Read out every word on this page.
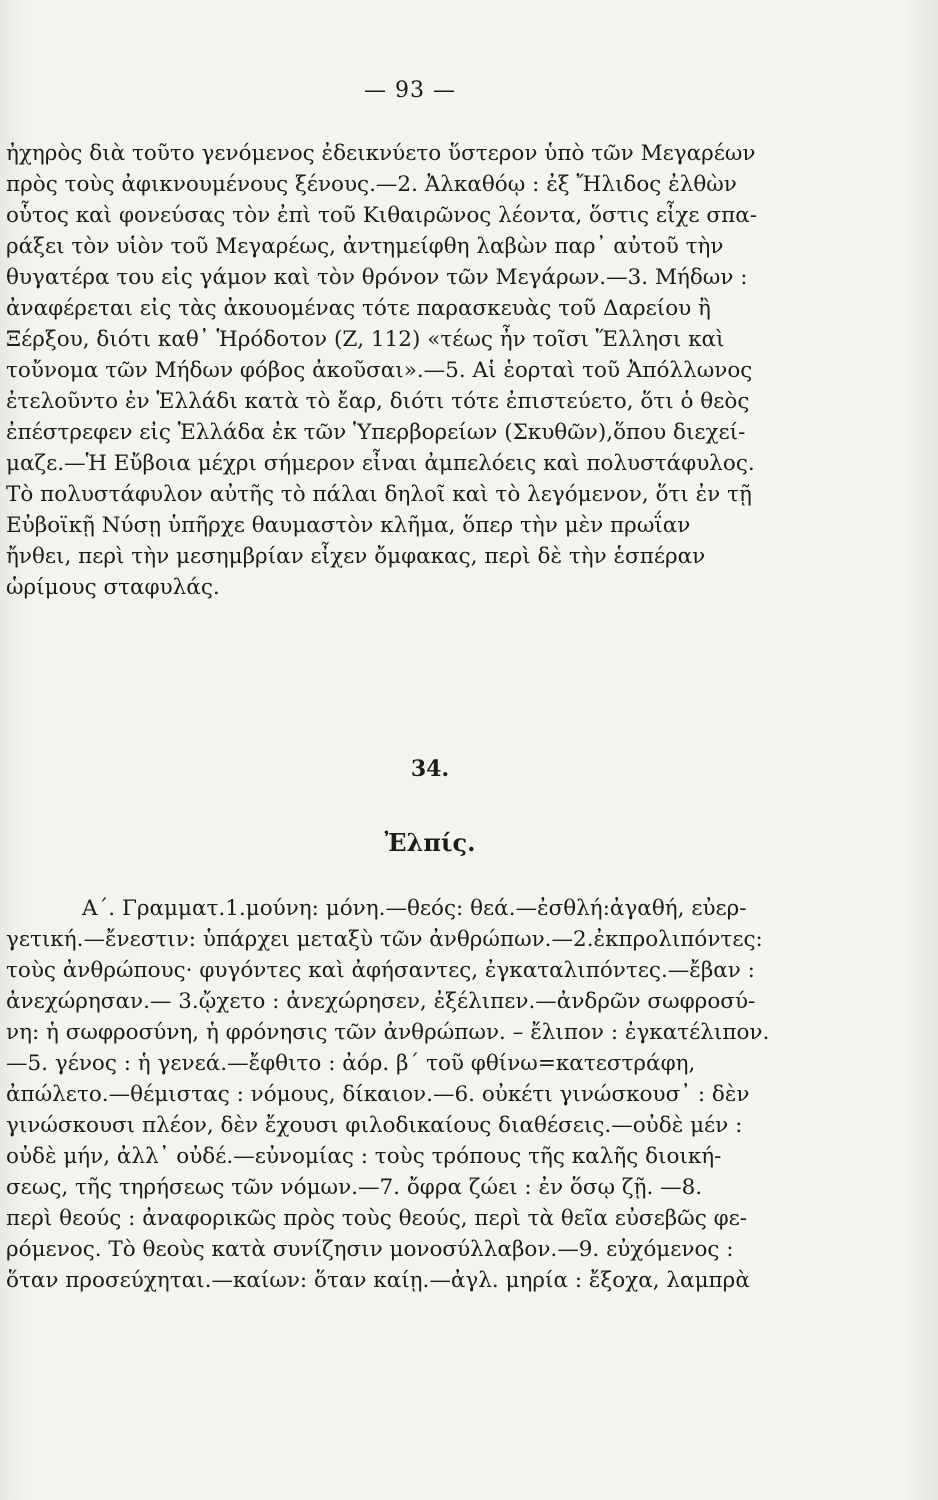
— 93 —
ἠχηρὸς διὰ τοῦτο γενόμενος ἐδεικνύετο ὕστερον ὑπὸ τῶν Μεγαρέων
πρὸς τοὺς ἀφικνουμένους ξένους.—2. Ἀλκαθόῳ : ἐξ Ἤλιδος ἐλθὼν
οὗτος καὶ φονεύσας τὸν ἐπὶ τοῦ Κιθαιρῶνος λέοντα, ὅστις εἶχε σπα-
ράξει τὸν υἱὸν τοῦ Μεγαρέως, ἀντημείφθη λαβὼν παρ᾽ αὐτοῦ τὴν
θυγατέρα του εἰς γάμον καὶ τὸν θρόνον τῶν Μεγάρων.—3. Μήδων :
ἀναφέρεται εἰς τὰς ἀκουομένας τότε παρασκευὰς τοῦ Δαρείου ἢ
Ξέρξου, διότι καθ᾽ Ἡρόδοτον (Ζ, 112) «τέως ἦν τοῖσι Ἕλλησι καὶ
τοὔνομα τῶν Μήδων φόβος ἀκοῦσαι».—5. Αἱ ἑορταὶ τοῦ Ἀπόλλωνος
ἐτελοῦντο ἐν Ἑλλάδι κατὰ τὸ ἔαρ, διότι τότε ἐπιστεύετο, ὅτι ὁ θεὸς
ἐπέστρεφεν εἰς Ἑλλάδα ἐκ τῶν Ὑπερβορείων (Σκυθῶν),ὅπου διεχεί-
μαζε.—Ἡ Εὔβοια μέχρι σήμερον εἶναι ἀμπελόεις καὶ πολυστάφυλος.
Τὸ πολυστάφυλον αὐτῆς τὸ πάλαι δηλοῖ καὶ τὸ λεγόμενον, ὅτι ἐν τῇ
Εὐβοϊκῇ Νύσῃ ὑπῆρχε θαυμαστὸν κλῆμα, ὅπερ τὴν μὲν πρωΐαν
ἤνθει, περὶ τὴν μεσημβρίαν εἶχεν ὄμφακας, περὶ δὲ τὴν ἑσπέραν
ὡρίμους σταφυλάς.
34.
Ἐλπίς.
Α΄. Γραμματ.1.μούνη: μόνη.—θεός: θεά.—ἐσθλή:ἀγαθή, εὐερ-
γετική.—ἔνεστιν: ὑπάρχει μεταξὺ τῶν ἀνθρώπων.—2.ἐκπρολιπόντες:
τοὺς ἀνθρώπους· φυγόντες καὶ ἀφήσαντες, ἐγκαταλιπόντες.—ἔβαν :
ἀνεχώρησαν.— 3.ᾤχετο : ἀνεχώρησεν, ἐξέλιπεν.—ἀνδρῶν σωφροσύ-
νη: ἡ σωφροσύνη, ἡ φρόνησις τῶν ἀνθρώπων. – ἔλιπον : ἐγκατέλιπον.
—5. γένος : ἡ γενεά.—ἔφθιτο : ἀόρ. β΄ τοῦ φθίνω=κατεστράφη,
ἀπώλετο.—θέμιστας : νόμους, δίκαιον.—6. οὐκέτι γινώσκουσ᾽ : δὲν
γινώσκουσι πλέον, δὲν ἔχουσι φιλοδικαίους διαθέσεις.—οὐδὲ μέν :
οὐδὲ μήν, ἀλλ᾽ οὐδέ.—εὐνομίας : τοὺς τρόπους τῆς καλῆς διοική-
σεως, τῆς τηρήσεως τῶν νόμων.—7. ὄφρα ζώει : ἐν ὅσῳ ζῇ. —8.
περὶ θεούς : ἀναφορικῶς πρὸς τοὺς θεούς, περὶ τὰ θεῖα εὐσεβῶς φε-
ρόμενος. Τὸ θεοὺς κατὰ συνίζησιν μονοσύλλαβον.—9. εὐχόμενος :
ὅταν προσεύχηται.—καίων: ὅταν καίῃ.—ἀγλ. μηρία : ἔξοχα, λαμπρὰ
